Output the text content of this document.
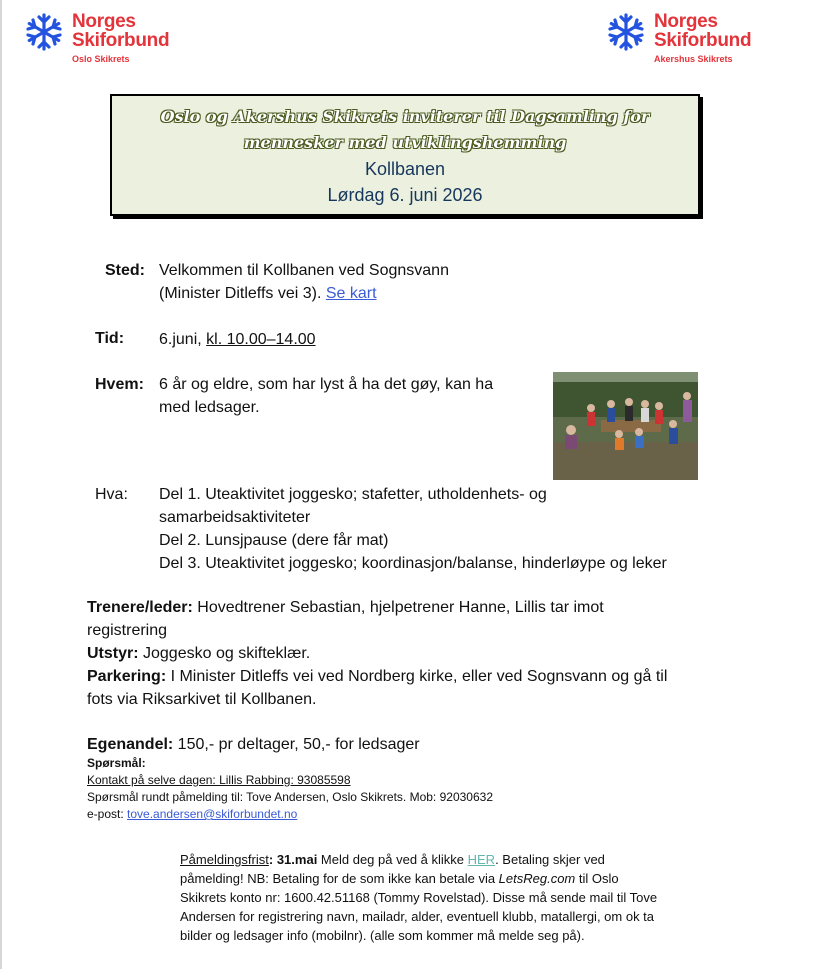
Norges
Skiforbund
Oslo Skikrets
Norges
Skiforbund
Akershus Skikrets
Oslo og Akershus Skikrets inviterer til Dagsamling for
mennesker med utviklingshemming
Kollbanen
Lørdag 6. juni 2026
Sted: Velkommen til Kollbanen ved Sognsvann
(Minister Ditleffs vei 3). Se kart
Tid: 6.juni, kl. 10.00–14.00
Hvem: 6 år og eldre, som har lyst å ha det gøy, kan ha
med ledsager.
Hva: Del 1. Uteaktivitet joggesko; stafetter, utholdenhets- og
samarbeidsaktiviteter
Del 2. Lunsjpause (dere får mat)
Del 3. Uteaktivitet joggesko; koordinasjon/balanse, hinderløype og leker
Trenere/leder: Hovedtrener Sebastian, hjelpetrener Hanne, Lillis tar imot
registrering
Utstyr: Joggesko og skifteklær.
Parkering: I Minister Ditleffs vei ved Nordberg kirke, eller ved Sognsvann og gå til
fots via Riksarkivet til Kollbanen.
Egenandel: 150,- pr deltager, 50,- for ledsager
Spørsmål:
Kontakt på selve dagen: Lillis Rabbing: 93085598
Spørsmål rundt påmelding til: Tove Andersen, Oslo Skikrets. Mob: 92030632
e-post: tove.andersen@skiforbundet.no
Påmeldingsfrist: 31.mai Meld deg på ved å klikke HER. Betaling skjer ved
påmelding! NB: Betaling for de som ikke kan betale via LetsReg.com til Oslo
Skikrets konto nr: 1600.42.51168 (Tommy Rovelstad). Disse må sende mail til Tove
Andersen for registrering navn, mailadr, alder, eventuell klubb, matallergi, om ok ta
bilder og ledsager info (mobilnr). (alle som kommer må melde seg på).
